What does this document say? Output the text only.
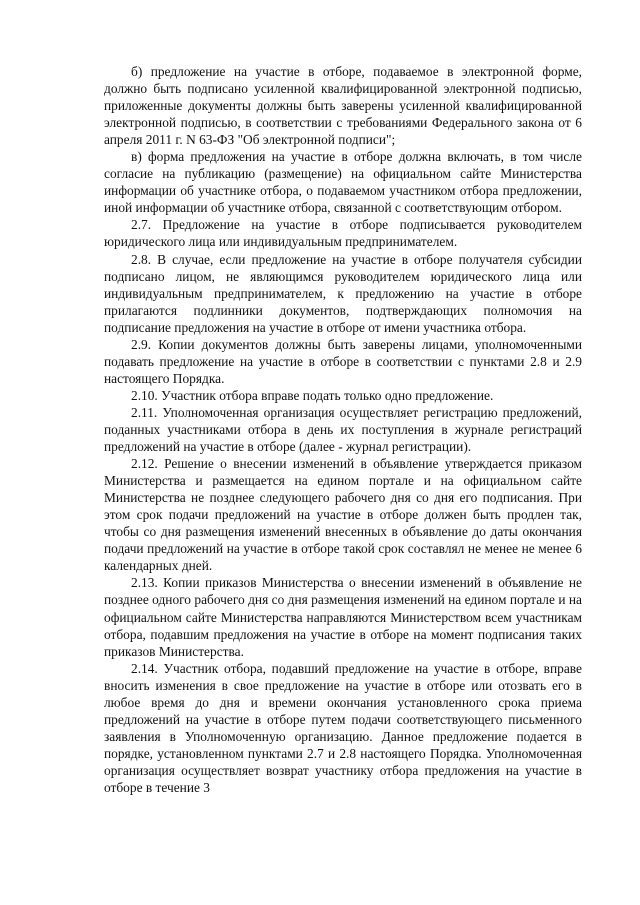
б) предложение на участие в отборе, подаваемое в электронной форме, должно быть подписано усиленной квалифицированной электронной подписью, приложенные документы должны быть заверены усиленной квалифицированной электронной подписью, в соответствии с требованиями Федерального закона от 6 апреля 2011 г. N 63-ФЗ "Об электронной подписи";

в) форма предложения на участие в отборе должна включать, в том числе согласие на публикацию (размещение) на официальном сайте Министерства информации об участнике отбора, о подаваемом участником отбора предложении, иной информации об участнике отбора, связанной с соответствующим отбором.

2.7. Предложение на участие в отборе подписывается руководителем юридического лица или индивидуальным предпринимателем.

2.8. В случае, если предложение на участие в отборе получателя субсидии подписано лицом, не являющимся руководителем юридического лица или индивидуальным предпринимателем, к предложению на участие в отборе прилагаются подлинники документов, подтверждающих полномочия на подписание предложения на участие в отборе от имени участника отбора.

2.9. Копии документов должны быть заверены лицами, уполномоченными подавать предложение на участие в отборе в соответствии с пунктами 2.8 и 2.9 настоящего Порядка.

2.10. Участник отбора вправе подать только одно предложение.

2.11. Уполномоченная организация осуществляет регистрацию предложений, поданных участниками отбора в день их поступления в журнале регистраций предложений на участие в отборе (далее - журнал регистрации).

2.12. Решение о внесении изменений в объявление утверждается приказом Министерства и размещается на едином портале и на официальном сайте Министерства не позднее следующего рабочего дня со дня его подписания. При этом срок подачи предложений на участие в отборе должен быть продлен так, чтобы со дня размещения изменений внесенных в объявление до даты окончания подачи предложений на участие в отборе такой срок составлял не менее не менее 6 календарных дней.

2.13. Копии приказов Министерства о внесении изменений в объявление не позднее одного рабочего дня со дня размещения изменений на едином портале и на официальном сайте Министерства направляются Министерством всем участникам отбора, подавшим предложения на участие в отборе на момент подписания таких приказов Министерства.

2.14. Участник отбора, подавший предложение на участие в отборе, вправе вносить изменения в свое предложение на участие в отборе или отозвать его в любое время до дня и времени окончания установленного срока приема предложений на участие в отборе путем подачи соответствующего письменного заявления в Уполномоченную организацию. Данное предложение подается в порядке, установленном пунктами 2.7 и 2.8 настоящего Порядка. Уполномоченная организация осуществляет возврат участнику отбора предложения на участие в отборе в течение 3
